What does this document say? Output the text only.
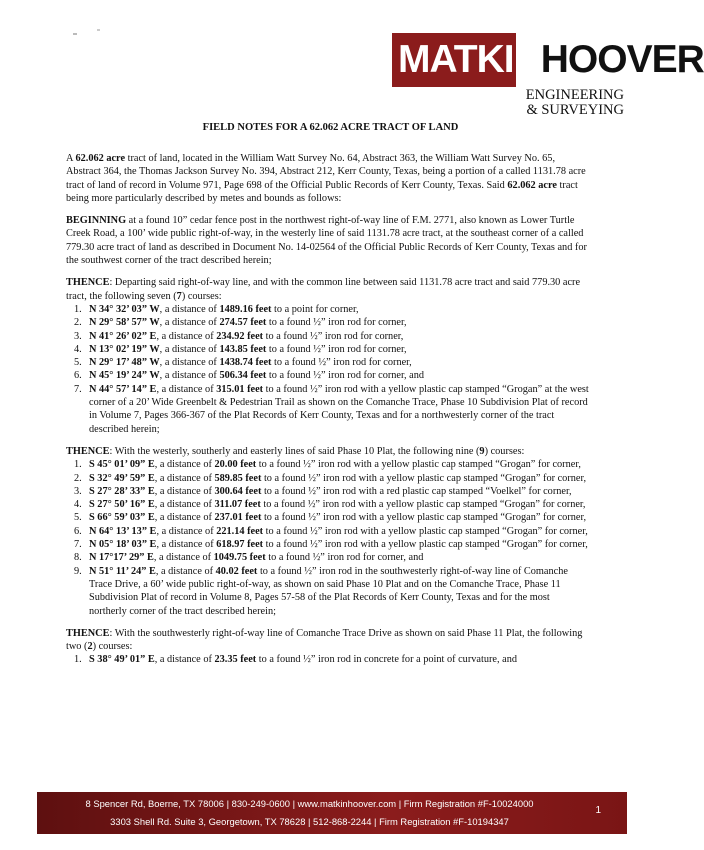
MATKINHOOVER
ENGINEERING
& SURVEYING
FIELD NOTES FOR A 62.062 ACRE TRACT OF LAND

A 62.062 acre tract of land, located in the William Watt Survey No. 64, Abstract 363, the William Watt Survey No. 65, Abstract 364, the Thomas Jackson Survey No. 394, Abstract 212, Kerr County, Texas, being a portion of a called 1131.78 acre tract of land of record in Volume 971, Page 698 of the Official Public Records of Kerr County, Texas. Said 62.062 acre tract being more particularly described by metes and bounds as follows:

BEGINNING at a found 10” cedar fence post in the northwest right-of-way line of F.M. 2771, also known as Lower Turtle Creek Road, a 100’ wide public right-of-way, in the westerly line of said 1131.78 acre tract, at the southeast corner of a called 779.30 acre tract of land as described in Document No. 14-02564 of the Official Public Records of Kerr County, Texas and for the southwest corner of the tract described herein;

THENCE: Departing said right-of-way line, and with the common line between said 1131.78 acre tract and said 779.30 acre tract, the following seven (7) courses:
1. N 34° 32’ 03” W, a distance of 1489.16 feet to a point for corner,
2. N 29° 58’ 57” W, a distance of 274.57 feet to a found ½” iron rod for corner,
3. N 41° 26’ 02” E, a distance of 234.92 feet to a found ½” iron rod for corner,
4. N 13° 02’ 19” W, a distance of 143.85 feet to a found ½” iron rod for corner,
5. N 29° 17’ 48” W, a distance of 1438.74 feet to a found ½” iron rod for corner,
6. N 45° 19’ 24” W, a distance of 506.34 feet to a found ½” iron rod for corner, and
7. N 44° 57’ 14” E, a distance of 315.01 feet to a found ½” iron rod with a yellow plastic cap stamped “Grogan” at the west corner of a 20’ Wide Greenbelt & Pedestrian Trail as shown on the Comanche Trace, Phase 10 Subdivision Plat of record in Volume 7, Pages 366-367 of the Plat Records of Kerr County, Texas and for a northwesterly corner of the tract described herein;
THENCE: With the westerly, southerly and easterly lines of said Phase 10 Plat, the following nine (9) courses:
1. S 45° 01’ 09” E, a distance of 20.00 feet to a found ½” iron rod with a yellow plastic cap stamped “Grogan” for corner,
2. S 32° 49’ 59” E, a distance of 589.85 feet to a found ½” iron rod with a yellow plastic cap stamped “Grogan” for corner,
3. S 27° 28’ 33” E, a distance of 300.64 feet to a found ½” iron rod with a red plastic cap stamped “Voelkel” for corner,
4. S 27° 50’ 16” E, a distance of 311.07 feet to a found ½” iron rod with a yellow plastic cap stamped “Grogan” for corner,
5. S 66° 59’ 03” E, a distance of 237.01 feet to a found ½” iron rod with a yellow plastic cap stamped “Grogan” for corner,
6. N 64° 13’ 13” E, a distance of 221.14 feet to a found ½” iron rod with a yellow plastic cap stamped “Grogan” for corner,
7. N 05° 18’ 03” E, a distance of 618.97 feet to a found ½” iron rod with a yellow plastic cap stamped “Grogan” for corner,
8. N 17°17’ 29” E, a distance of 1049.75 feet to a found ½” iron rod for corner, and
9. N 51° 11’ 24” E, a distance of 40.02 feet to a found ½” iron rod in the southwesterly right-of-way line of Comanche Trace Drive, a 60’ wide public right-of-way, as shown on said Phase 10 Plat and on the Comanche Trace, Phase 11 Subdivision Plat of record in Volume 8, Pages 57-58 of the Plat Records of Kerr County, Texas and for the most northerly corner of the tract described herein;
THENCE: With the southwesterly right-of-way line of Comanche Trace Drive as shown on said Phase 11 Plat, the following two (2) courses:
1. S 38° 49’ 01” E, a distance of 23.35 feet to a found ½” iron rod in concrete for a point of curvature, and
8 Spencer Rd, Boerne, TX 78006 | 830-249-0600 | www.matkinhoover.com | Firm Registration #F-10024000
3303 Shell Rd. Suite 3, Georgetown, TX 78628 | 512-868-2244 | Firm Registration #F-10194347
1
